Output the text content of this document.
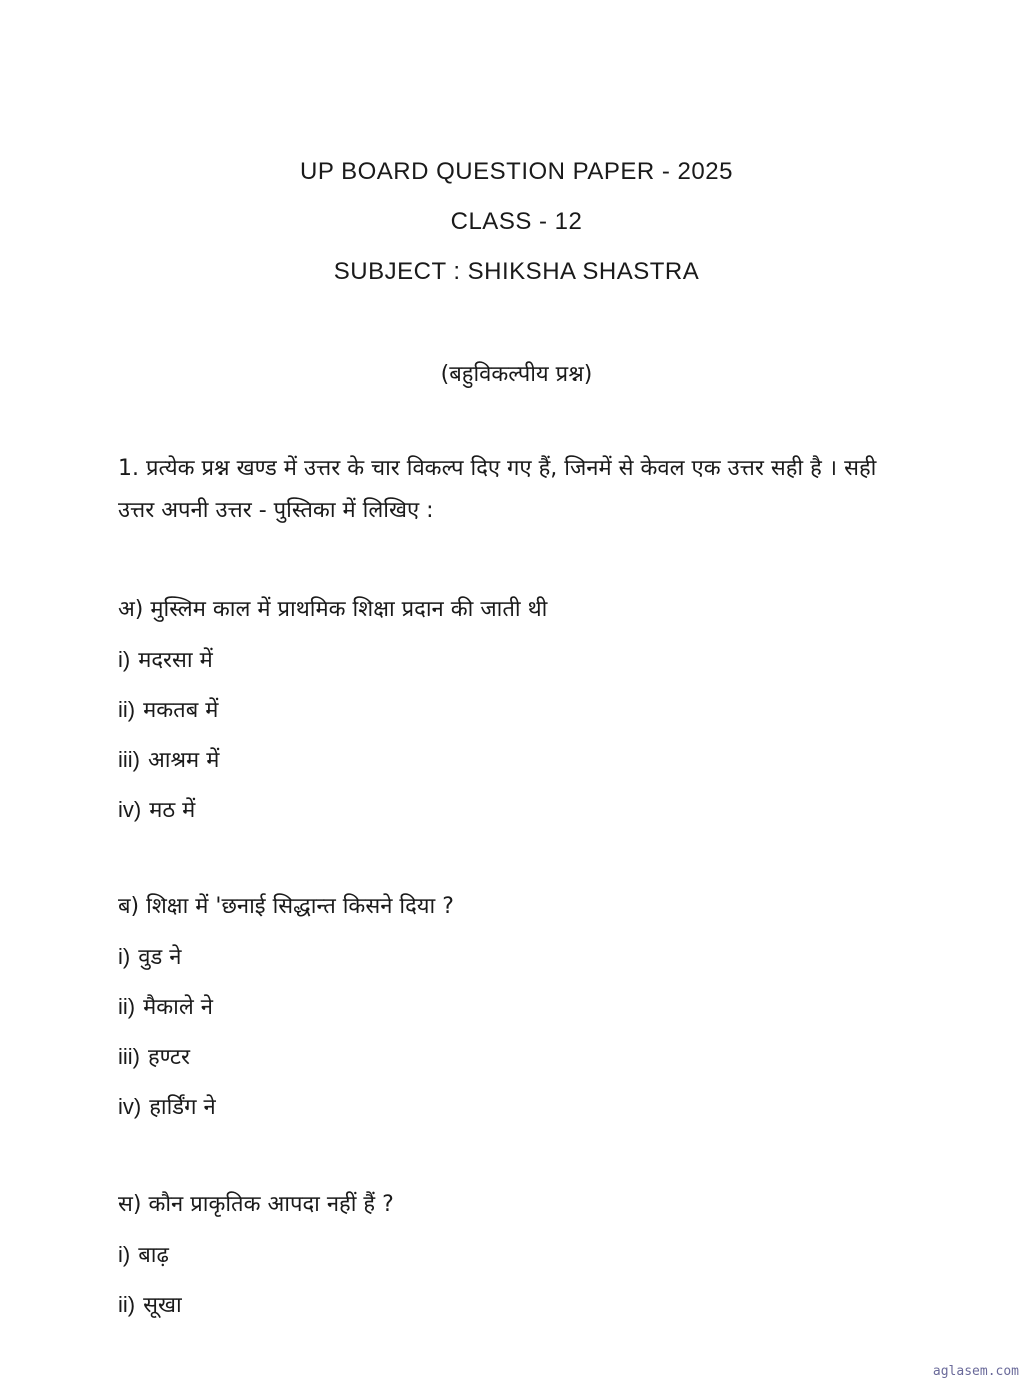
UP BOARD QUESTION PAPER - 2025
CLASS - 12
SUBJECT : SHIKSHA SHASTRA
(बहुविकल्पीय प्रश्न)
1. प्रत्येक प्रश्न खण्ड में उत्तर के चार विकल्प दिए गए हैं, जिनमें से केवल एक उत्तर सही है । सही उत्तर अपनी उत्तर - पुस्तिका में लिखिए :

अ) मुस्लिम काल में प्राथमिक शिक्षा प्रदान की जाती थी

i) मदरसा में

ii) मकतब में

iii) आश्रम में

iv) मठ में

ब) शिक्षा में 'छनाई सिद्धान्त किसने दिया ?

i) वुड ने

ii) मैकाले ने

iii) हण्टर

iv) हार्डिंग ने

स) कौन प्राकृतिक आपदा नहीं हैं ?

i) बाढ़

ii) सूखा

aglasem.com
